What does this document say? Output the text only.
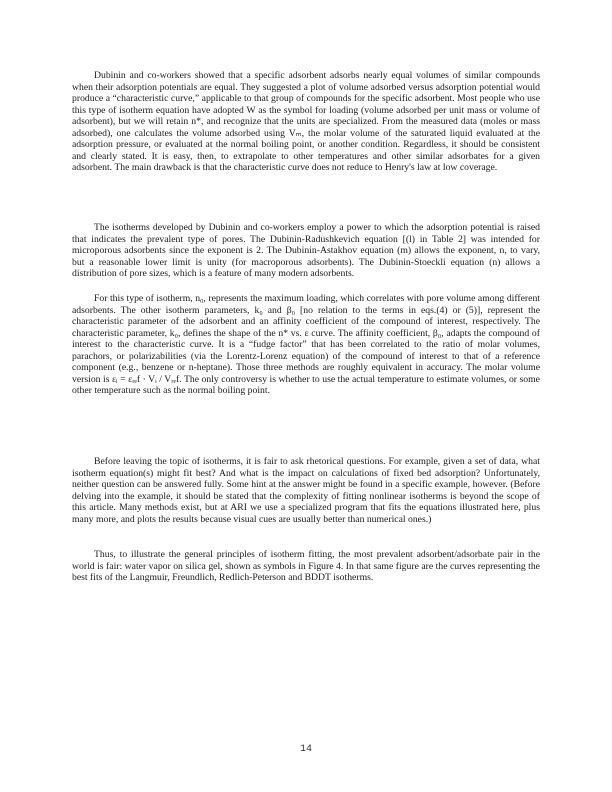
Dubinin and co-workers showed that a specific adsorbent adsorbs nearly equal volumes of similar compounds when their adsorption potentials are equal. They suggested a plot of volume adsorbed versus adsorption potential would produce a “characteristic curve,” applicable to that group of compounds for the specific adsorbent. Most people who use this type of isotherm equation have adopted W as the symbol for loading (volume adsorbed per unit mass or volume of adsorbent), but we will retain n*, and recognize that the units are specialized. From the measured data (moles or mass adsorbed), one calculates the volume adsorbed using Vₘ, the molar volume of the saturated liquid evaluated at the adsorption pressure, or evaluated at the normal boiling point, or another condition. Regardless, it should be consistent and clearly stated. It is easy, then, to extrapolate to other temperatures and other similar adsorbates for a given adsorbent. The main drawback is that the characteristic curve does not reduce to Henry's law at low coverage.

The isotherms developed by Dubinin and co-workers employ a power to which the adsorption potential is raised that indicates the prevalent type of pores. The Dubinin-Radushkevich equation [(l) in Table 2] was intended for microporous adsorbents since the exponent is 2. The Dubinin-Astakhov equation (m) allows the exponent, n, to vary, but a reasonable lower limit is unity (for macroporous adsorbents). The Dubinin-Stoeckli equation (n) allows a distribution of pore sizes, which is a feature of many modern adsorbents.

For this type of isotherm, n₀, represents the maximum loading, which correlates with pore volume among different adsorbents. The other isotherm parameters, k₀ and β₀ [no relation to the terms in eqs.(4) or (5)], represent the characteristic parameter of the adsorbent and an affinity coefficient of the compound of interest, respectively. The characteristic parameter, k₀, defines the shape of the n* vs. ε curve. The affinity coefficient, β₀, adapts the compound of interest to the characteristic curve. It is a “fudge factor” that has been correlated to the ratio of molar volumes, parachors, or polarizabilities (via the Lorentz-Lorenz equation) of the compound of interest to that of a reference component (e.g., benzene or n-heptane). Those three methods are roughly equivalent in accuracy. The molar volume version is εᵢ = εᵣₑf · Vᵢ / Vᵣₑf. The only controversy is whether to use the actual temperature to estimate volumes, or some other temperature such as the normal boiling point.

Before leaving the topic of isotherms, it is fair to ask rhetorical questions. For example, given a set of data, what isotherm equation(s) might fit best? And what is the impact on calculations of fixed bed adsorption? Unfortunately, neither question can be answered fully. Some hint at the answer might be found in a specific example, however. (Before delving into the example, it should be stated that the complexity of fitting nonlinear isotherms is beyond the scope of this article. Many methods exist, but at ARI we use a specialized program that fits the equations illustrated here, plus many more, and plots the results because visual cues are usually better than numerical ones.)

Thus, to illustrate the general principles of isotherm fitting, the most prevalent adsorbent/adsorbate pair in the world is fair: water vapor on silica gel, shown as symbols in Figure 4. In that same figure are the curves representing the best fits of the Langmuir, Freundlich, Redlich-Peterson and BDDT isotherms.

14
